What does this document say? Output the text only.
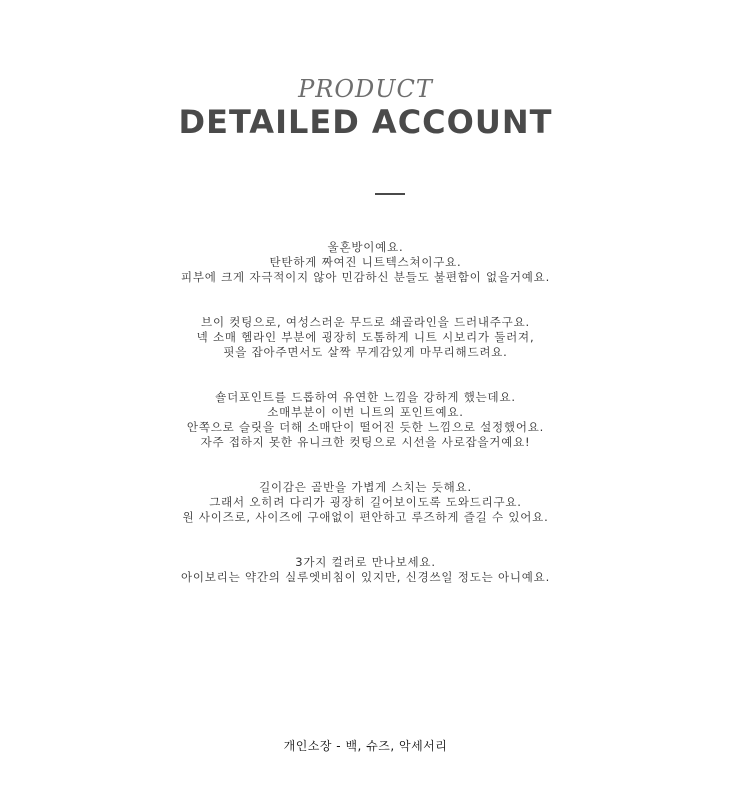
PRODUCT

DETAILED ACCOUNT

울혼방이예요.
탄탄하게 짜여진 니트텍스쳐이구요.
피부에 크게 자극적이지 않아 민감하신 분들도 불편함이 없을거예요.
브이 컷팅으로, 여성스러운 무드로 쇄골라인을 드러내주구요.
넥 소매 헴라인 부분에 굉장히 도톰하게 니트 시보리가 둘러져,
핏을 잡아주면서도 살짝 무게감있게 마무리해드려요.
숄더포인트를 드롭하여 유연한 느낌을 강하게 했는데요.
소매부분이 이번 니트의 포인트예요.
안쪽으로 슬릿을 더해 소매단이 떨어진 듯한 느낌으로 설정했어요.
자주 접하지 못한 유니크한 컷팅으로 시선을 사로잡을거예요!
길이감은 골반을 가볍게 스치는 듯해요.
그래서 오히려 다리가 굉장히 길어보이도록 도와드리구요.
원 사이즈로, 사이즈에 구애없이 편안하고 루즈하게 즐길 수 있어요.
3가지 컬러로 만나보세요.
아이보리는 약간의 실루엣비침이 있지만, 신경쓰일 정도는 아니예요.
개인소장 - 백, 슈즈, 악세서리
